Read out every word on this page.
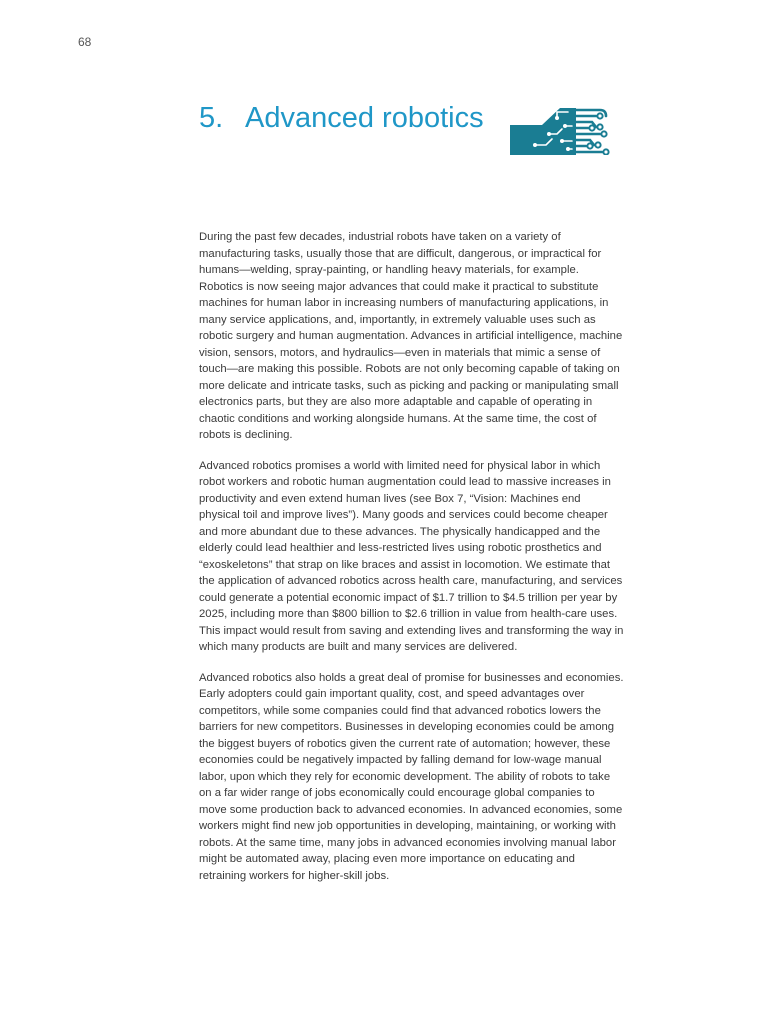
68
5. Advanced robotics

During the past few decades, industrial robots have taken on a variety of manufacturing tasks, usually those that are difficult, dangerous, or impractical for humans—welding, spray-painting, or handling heavy materials, for example. Robotics is now seeing major advances that could make it practical to substitute machines for human labor in increasing numbers of manufacturing applications, in many service applications, and, importantly, in extremely valuable uses such as robotic surgery and human augmentation. Advances in artificial intelligence, machine vision, sensors, motors, and hydraulics—even in materials that mimic a sense of touch—are making this possible. Robots are not only becoming capable of taking on more delicate and intricate tasks, such as picking and packing or manipulating small electronics parts, but they are also more adaptable and capable of operating in chaotic conditions and working alongside humans. At the same time, the cost of robots is declining.

Advanced robotics promises a world with limited need for physical labor in which robot workers and robotic human augmentation could lead to massive increases in productivity and even extend human lives (see Box 7, “Vision: Machines end physical toil and improve lives”). Many goods and services could become cheaper and more abundant due to these advances. The physically handicapped and the elderly could lead healthier and less-restricted lives using robotic prosthetics and “exoskeletons” that strap on like braces and assist in locomotion. We estimate that the application of advanced robotics across health care, manufacturing, and services could generate a potential economic impact of $1.7 trillion to $4.5 trillion per year by 2025, including more than $800 billion to $2.6 trillion in value from health-care uses. This impact would result from saving and extending lives and transforming the way in which many products are built and many services are delivered.

Advanced robotics also holds a great deal of promise for businesses and economies. Early adopters could gain important quality, cost, and speed advantages over competitors, while some companies could find that advanced robotics lowers the barriers for new competitors. Businesses in developing economies could be among the biggest buyers of robotics given the current rate of automation; however, these economies could be negatively impacted by falling demand for low-wage manual labor, upon which they rely for economic development. The ability of robots to take on a far wider range of jobs economically could encourage global companies to move some production back to advanced economies. In advanced economies, some workers might find new job opportunities in developing, maintaining, or working with robots. At the same time, many jobs in advanced economies involving manual labor might be automated away, placing even more importance on educating and retraining workers for higher-skill jobs.
